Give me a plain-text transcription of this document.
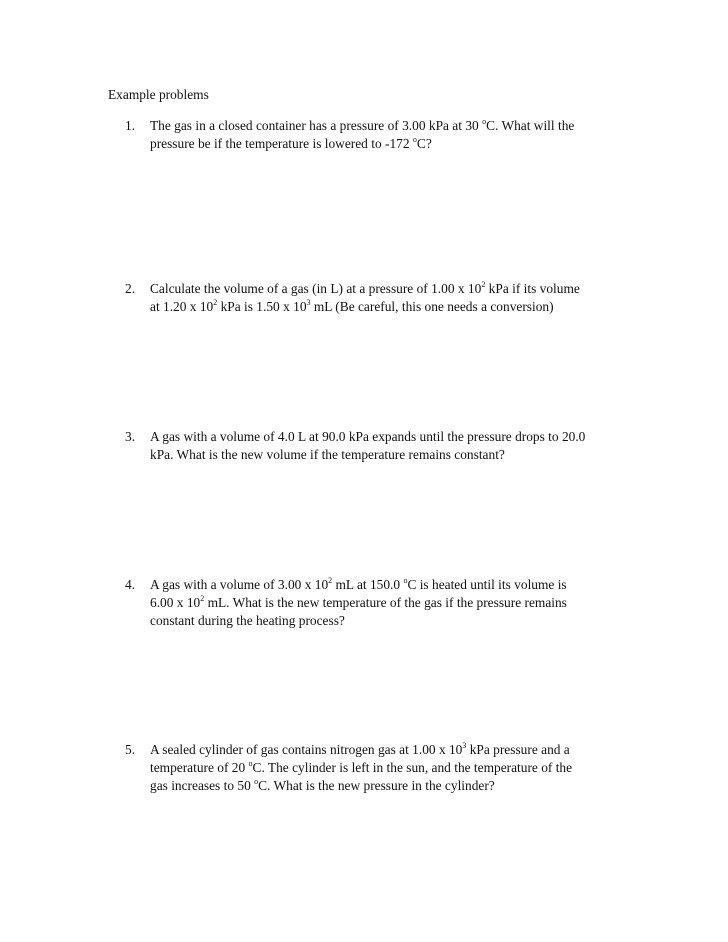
Example problems
1.	The gas in a closed container has a pressure of 3.00 kPa at 30 $^o$C. What will the
pressure be if the temperature is lowered to -172 $^o$C?
2.	Calculate the volume of a gas (in L) at a pressure of 1.00 x $10^2$ kPa if its volume
at 1.20 x $10^2$ kPa is 1.50 x $10^3$ mL (Be careful, this one needs a conversion)
3.	A gas with a volume of 4.0 L at 90.0 kPa expands until the pressure drops to 20.0
kPa. What is the new volume if the temperature remains constant?
4.	A gas with a volume of 3.00 x $10^2$ mL at 150.0 $^o$C is heated until its volume is
6.00 x $10^2$ mL. What is the new temperature of the gas if the pressure remains
constant during the heating process?
5.	A sealed cylinder of gas contains nitrogen gas at 1.00 x $10^3$ kPa pressure and a
temperature of 20 $^o$C. The cylinder is left in the sun, and the temperature of the
gas increases to 50 $^o$C. What is the new pressure in the cylinder?
